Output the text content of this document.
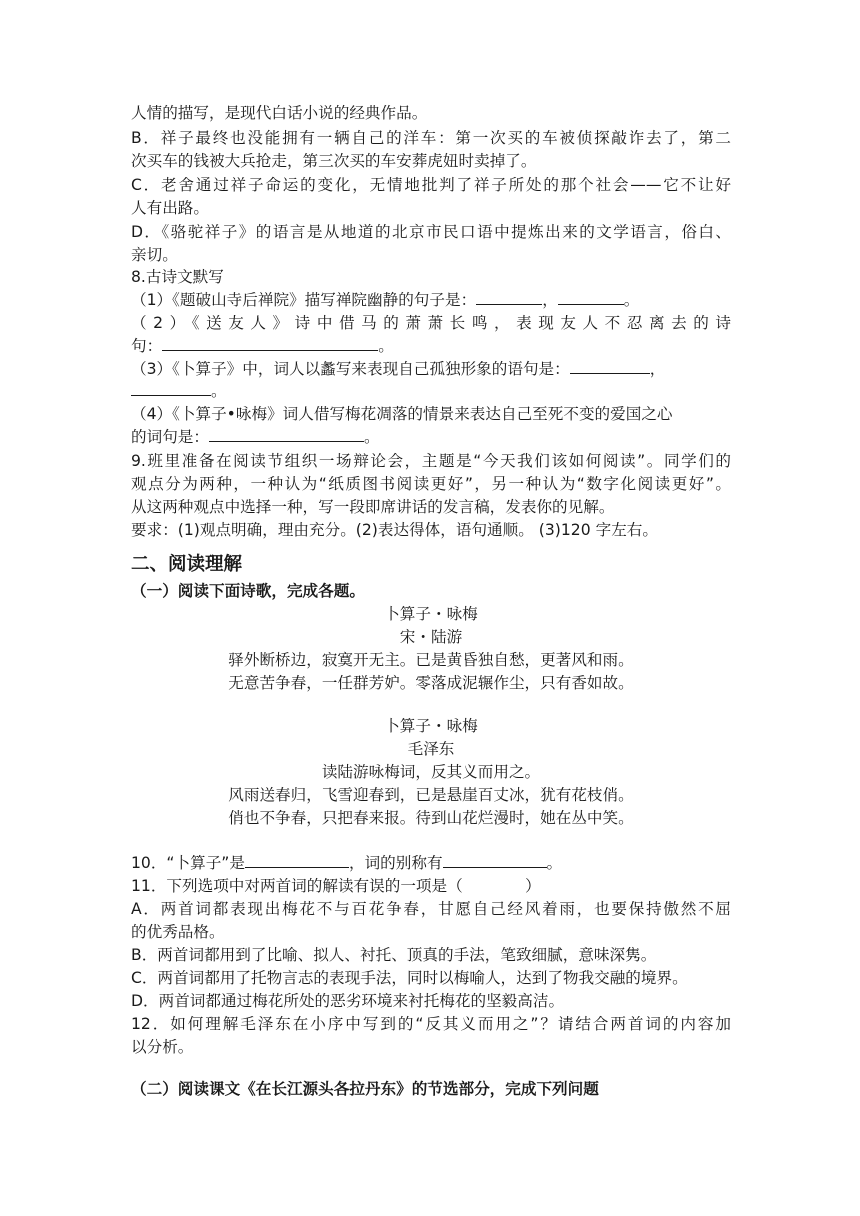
人情的描写，是现代白话小说的经典作品。
B．祥子最终也没能拥有一辆自己的洋车：第一次买的车被侦探敲诈去了，第二
次买车的钱被大兵抢走，第三次买的车安葬虎妞时卖掉了。
C．老舍通过祥子命运的变化，无情地批判了祥子所处的那个社会——它不让好
人有出路。
D．《骆驼祥子》的语言是从地道的北京市民口语中提炼出来的文学语言，俗白、
亲切。
8.古诗文默写
（1）《题破山寺后禅院》描写禅院幽静的句子是：	，	。
（2）《送友人》诗中借马的萧萧长鸣，表现友人不忍离去的诗
句：	。
（3）《卜算子》中，词人以蠡写来表现自己孤独形象的语句是：	，
。
（4）《卜算子•咏梅》词人借写梅花凋落的情景来表达自己至死不变的爱国之心
的词句是：	。
9.班里准备在阅读节组织一场辩论会，主题是“今天我们该如何阅读”。同学们的
观点分为两种，一种认为“纸质图书阅读更好”，另一种认为“数字化阅读更好”。
从这两种观点中选择一种，写一段即席讲话的发言稿，发表你的见解。
要求：(1)观点明确，理由充分。(2)表达得体，语句通顺。 (3)120 字左右。
二、阅读理解
（一）阅读下面诗歌，完成各题。
卜算子・咏梅
宋・陆游
驿外断桥边，寂寞开无主。已是黄昏独自愁，更著风和雨。
无意苦争春，一任群芳妒。零落成泥辗作尘，只有香如故。
卜算子・咏梅
毛泽东
读陆游咏梅词，反其义而用之。
风雨送春归，飞雪迎春到，已是悬崖百丈冰，犹有花枝俏。
俏也不争春，只把春来报。待到山花烂漫时，她在丛中笑。
10．“卜算子”是	，词的别称有	。
11．下列选项中对两首词的解读有误的一项是（　　　　）
A．两首词都表现出梅花不与百花争春，甘愿自己经风着雨，也要保持傲然不屈
的优秀品格。
B．两首词都用到了比喻、拟人、衬托、顶真的手法，笔致细腻，意味深隽。
C．两首词都用了托物言志的表现手法，同时以梅喻人，达到了物我交融的境界。
D．两首词都通过梅花所处的恶劣环境来衬托梅花的坚毅高洁。
12．如何理解毛泽东在小序中写到的“反其义而用之”？请结合两首词的内容加
以分析。
（二）阅读课文《在长江源头各拉丹东》的节选部分，完成下列问题
